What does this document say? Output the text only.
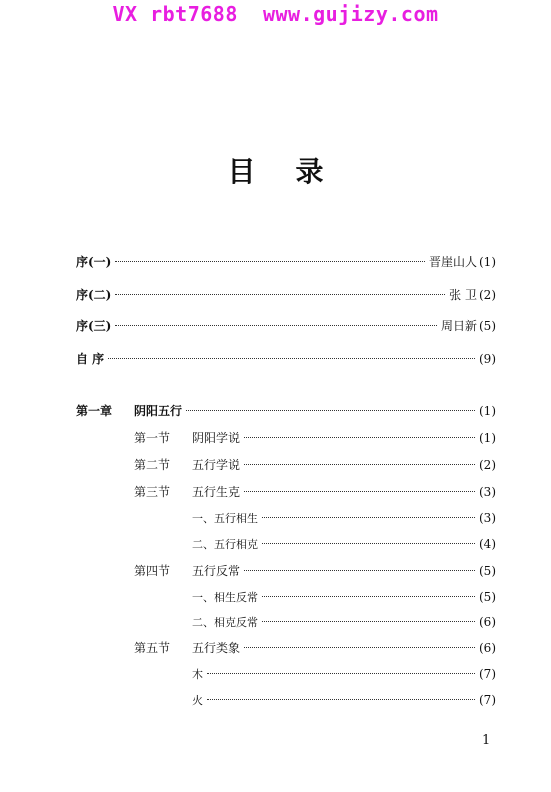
VX rbt7688  www.gujizy.com
目录
序(一)	晋崖山人 (1)
序(二)	张 卫 (2)
序(三)	周日新 (5)
自 序	(9)
第一章	阴阳五行	(1)
第一节	阴阳学说	(1)
第二节	五行学说	(2)
第三节	五行生克	(3)
一、五行相生	(3)
二、五行相克	(4)
第四节	五行反常	(5)
一、相生反常	(5)
二、相克反常	(6)
第五节	五行类象	(6)
木	(7)
火	(7)
1
